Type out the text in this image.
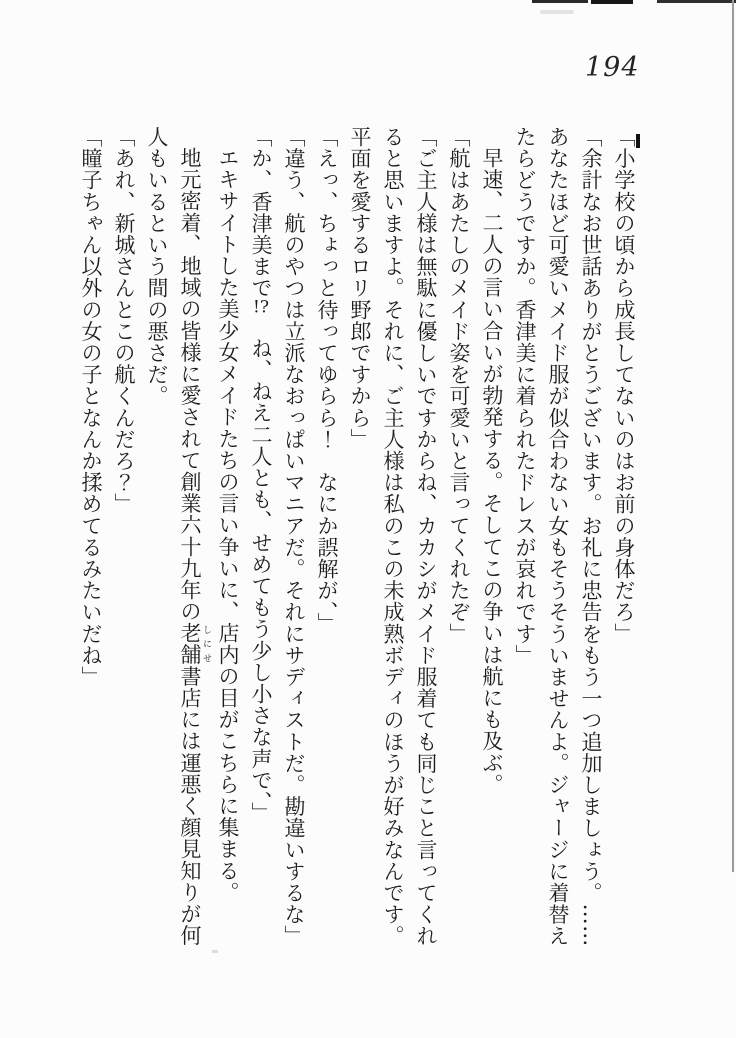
194
「小学校の頃から成長してないのはお前の身体だろ」
「余計なお世話ありがとうございます。お礼に忠告をもう一つ追加しましょう。……
あなたほど可愛いメイド服が似合わない女もそうそういませんよ。ジャージに着替え
たらどうですか。香津美に着られたドレスが哀れです」
早速、二人の言い合いが勃発する。そしてこの争いは航にも及ぶ。
「航はあたしのメイド姿を可愛いと言ってくれたぞ」
「ご主人様は無駄に優しいですからね、カカシがメイド服着ても同じこと言ってくれ
ると思いますよ。それに、ご主人様は私のこの未成熟ボディのほうが好みなんです。
平面を愛するロリ野郎ですから」
「えっ、ちょっと待ってゆらら！　なにか誤解が、」
「違う、航のやつは立派なおっぱいマニアだ。それにサディストだ。勘違いするな」
「か、香津美まで!?　ね、ねえ二人とも、せめてもう少し小さな声で、」
エキサイトした美少女メイドたちの言い争いに、店内の目がこちらに集まる。
地元密着、地域の皆様に愛されて創業六十九年の老舗 しにせ書店には運悪く顔見知りが何
人もいるという間の悪さだ。
「あれ、新城さんとこの航くんだろ？」
「瞳子ちゃん以外の女の子となんか揉めてるみたいだね」
